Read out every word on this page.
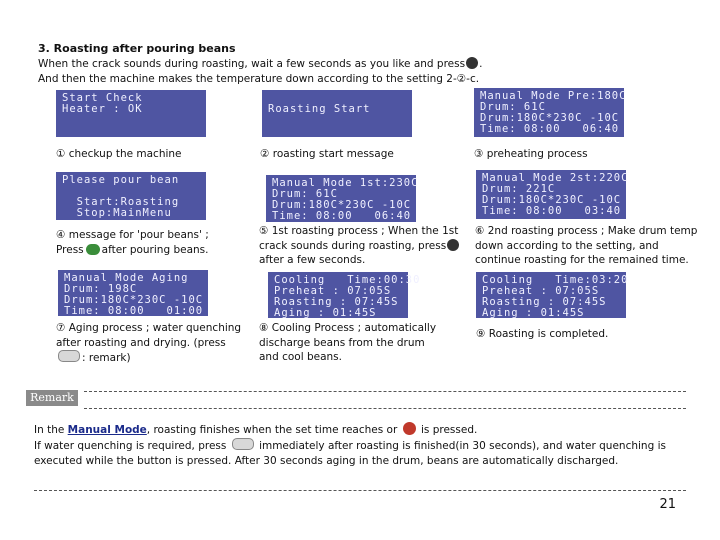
3. Roasting after pouring beans
When the crack sounds during roasting, wait a few seconds as you like and press .
And then the machine makes the temperature down according to the setting 2-②-c.
Start Check
Heater : OK	Roasting Start
Manual Mode Pre:180C
Drum: 61C
Drum:180C*230C -10C
Time: 08:00   06:40
Please pour bean

Start:Roasting
Stop:MainMenu
Manual Mode 1st:230C
Drum: 61C
Drum:180C*230C -10C
Time: 08:00   06:40
Manual Mode 2st:220C
Drum: 221C
Drum:180C*230C -10C
Time: 08:00   03:40
Manual Mode Aging
Drum: 198C
Drum:180C*230C -10C
Time: 08:00   01:00
Cooling   Time:00:30
Preheat : 07:05S
Roasting : 07:45S
Aging : 01:45S
Cooling   Time:03:20
Preheat : 07:05S
Roasting : 07:45S
Aging : 01:45S
① checkup the machine	② roasting start message	③ preheating process
④ message for 'pour beans' ;
Press after pouring beans.
⑤ 1st roasting process ; When the 1st crack sounds during roasting, pressafter a few seconds.
⑥ 2nd roasting process ; Make drum temp down according to the setting, and continue roasting for the remained time.
⑦ Aging process ; water quenching after roasting and drying. (press: remark)
⑧ Cooling Process ; automatically discharge beans from the drum and cool beans.
⑨ Roasting is completed.
Remark
In the Manual Mode, roasting finishes when the set time reaches or is pressed.
If water quenching is required, press	immediately after roasting is finished(in 30 seconds), and water quenching is executed while the button is pressed. After 30 seconds aging in the drum, beans are automatically discharged.
21
